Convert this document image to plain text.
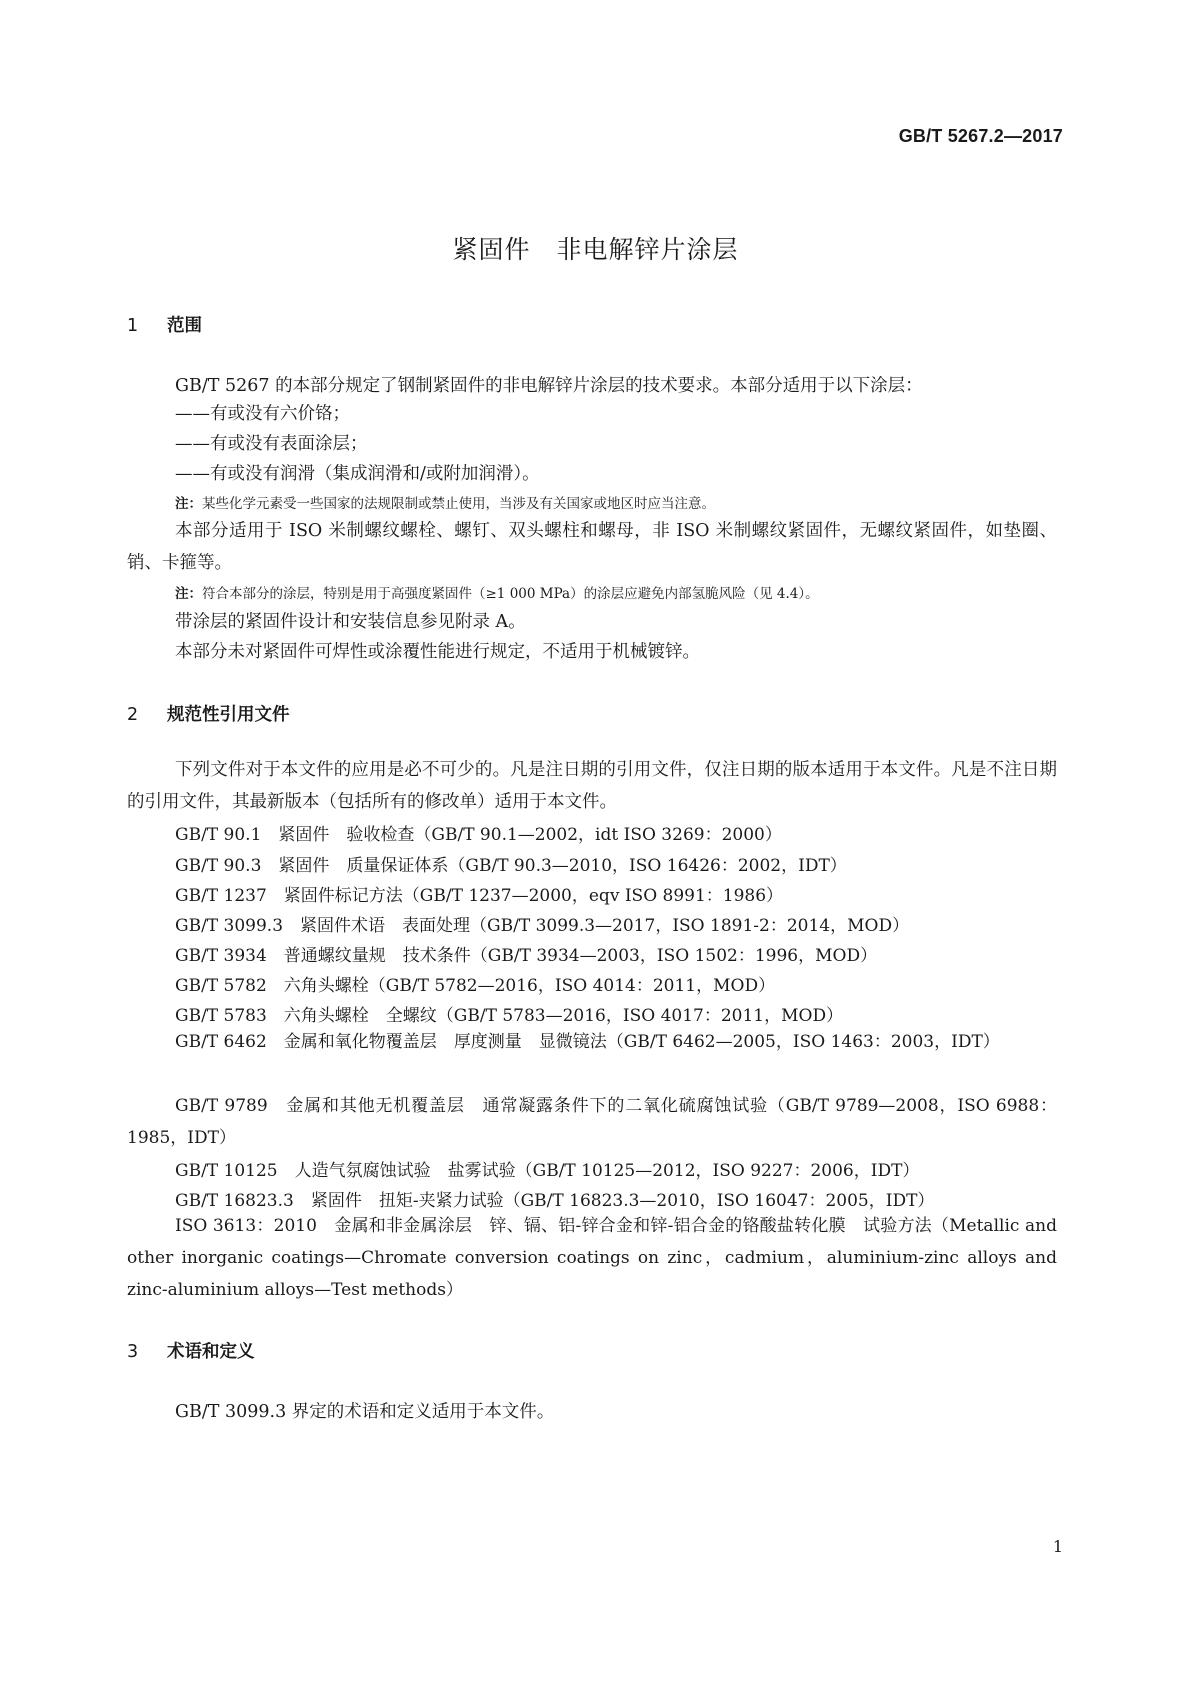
GB/T 5267.2—2017
紧固件 非电解锌片涂层
1 范围
GB/T 5267 的本部分规定了钢制紧固件的非电解锌片涂层的技术要求。本部分适用于以下涂层：
——有或没有六价铬；
——有或没有表面涂层；
——有或没有润滑（集成润滑和/或附加润滑）。
注：某些化学元素受一些国家的法规限制或禁止使用，当涉及有关国家或地区时应当注意。
本部分适用于 ISO 米制螺纹螺栓、螺钉、双头螺柱和螺母，非 ISO 米制螺纹紧固件，无螺纹紧固件，如垫圈、销、卡箍等。
注：符合本部分的涂层，特别是用于高强度紧固件（≥1 000 MPa）的涂层应避免内部氢脆风险（见 4.4）。
带涂层的紧固件设计和安装信息参见附录 A。
本部分未对紧固件可焊性或涂覆性能进行规定，不适用于机械镀锌。
2 规范性引用文件
下列文件对于本文件的应用是必不可少的。凡是注日期的引用文件，仅注日期的版本适用于本文件。凡是不注日期的引用文件，其最新版本（包括所有的修改单）适用于本文件。
GB/T 90.1　紧固件　验收检查（GB/T 90.1—2002，idt ISO 3269：2000）
GB/T 90.3　紧固件　质量保证体系（GB/T 90.3—2010，ISO 16426：2002，IDT）
GB/T 1237　紧固件标记方法（GB/T 1237—2000，eqv ISO 8991：1986）
GB/T 3099.3　紧固件术语　表面处理（GB/T 3099.3—2017，ISO 1891-2：2014，MOD）
GB/T 3934　普通螺纹量规　技术条件（GB/T 3934—2003，ISO 1502：1996，MOD）
GB/T 5782　六角头螺栓（GB/T 5782—2016，ISO 4014：2011，MOD）
GB/T 5783　六角头螺栓　全螺纹（GB/T 5783—2016，ISO 4017：2011，MOD）
GB/T 6462　金属和氧化物覆盖层　厚度测量　显微镜法（GB/T 6462—2005，ISO 1463：2003，IDT）
GB/T 9789　金属和其他无机覆盖层　通常凝露条件下的二氧化硫腐蚀试验（GB/T 9789—2008，ISO 6988：1985，IDT）
GB/T 10125　人造气氛腐蚀试验　盐雾试验（GB/T 10125—2012，ISO 9227：2006，IDT）
GB/T 16823.3　紧固件　扭矩-夹紧力试验（GB/T 16823.3—2010，ISO 16047：2005，IDT）
ISO 3613：2010　金属和非金属涂层　锌、镉、铝-锌合金和锌-铝合金的铬酸盐转化膜　试验方法（Metallic and other inorganic coatings—Chromate conversion coatings on zinc，cadmium，aluminium-zinc alloys and zinc-aluminium alloys—Test methods）
3 术语和定义
GB/T 3099.3 界定的术语和定义适用于本文件。
1
